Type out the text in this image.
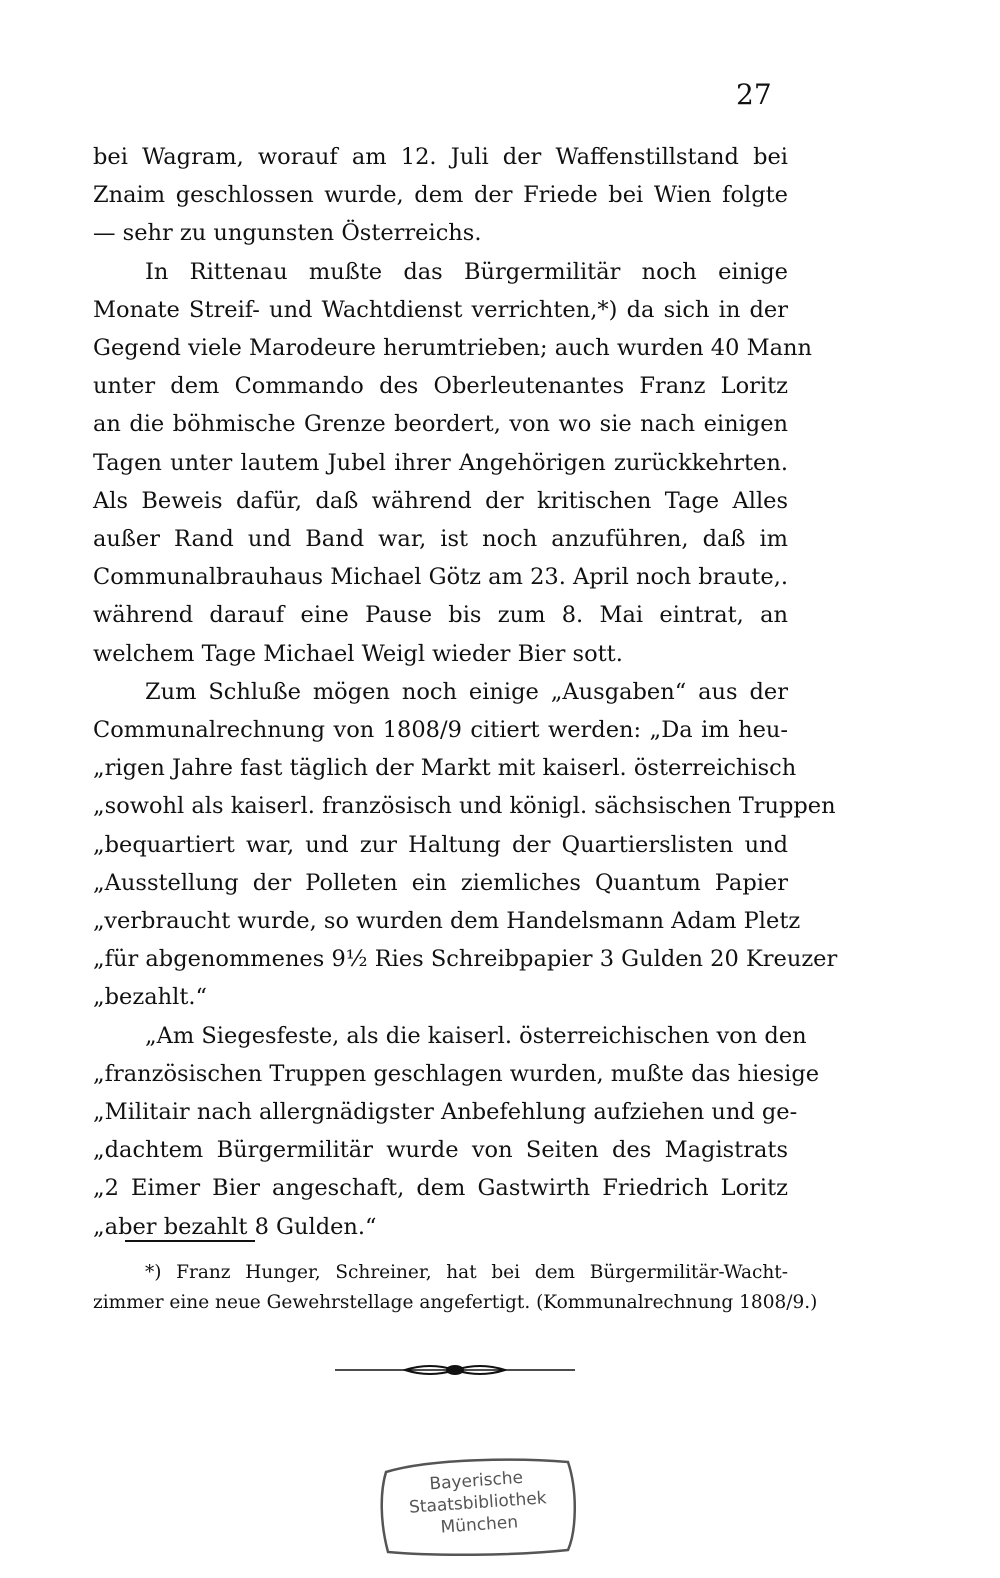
27

bei Wagram, worauf am 12. Juli der Waffenstillstand bei
Znaim geschlossen wurde, dem der Friede bei Wien folgte
— sehr zu ungunsten Österreichs.

In Rittenau mußte das Bürgermilitär noch einige
Monate Streif- und Wachtdienst verrichten,*) da sich in der
Gegend viele Marodeure herumtrieben; auch wurden 40 Mann
unter dem Commando des Oberleutenantes Franz Loritz
an die böhmische Grenze beordert, von wo sie nach einigen
Tagen unter lautem Jubel ihrer Angehörigen zurückkehrten.
Als Beweis dafür, daß während der kritischen Tage Alles
außer Rand und Band war, ist noch anzuführen, daß im
Communalbrauhaus Michael Götz am 23. April noch braute,.
während darauf eine Pause bis zum 8. Mai eintrat, an
welchem Tage Michael Weigl wieder Bier sott.

Zum Schluße mögen noch einige „Ausgaben“ aus der
Communalrechnung von 1808/9 citiert werden: „Da im heu-
„rigen Jahre fast täglich der Markt mit kaiserl. österreichisch
„sowohl als kaiserl. französisch und königl. sächsischen Truppen
„bequartiert war, und zur Haltung der Quartierslisten und
„Ausstellung der Polleten ein ziemliches Quantum Papier
„verbraucht wurde, so wurden dem Handelsmann Adam Pletz
„für abgenommenes 9½ Ries Schreibpapier 3 Gulden 20 Kreuzer
„bezahlt.“

„Am Siegesfeste, als die kaiserl. österreichischen von den
„französischen Truppen geschlagen wurden, mußte das hiesige
„Militair nach allergnädigster Anbefehlung aufziehen und ge-
„dachtem Bürgermilitär wurde von Seiten des Magistrats
„2 Eimer Bier angeschaft, dem Gastwirth Friedrich Loritz
„aber bezahlt 8 Gulden.“

*) Franz Hunger, Schreiner, hat bei dem Bürgermilitär-Wacht-
zimmer eine neue Gewehrstellage angefertigt. (Kommunalrechnung 1808/9.)
Bayerische
Staatsbibliothek
München
